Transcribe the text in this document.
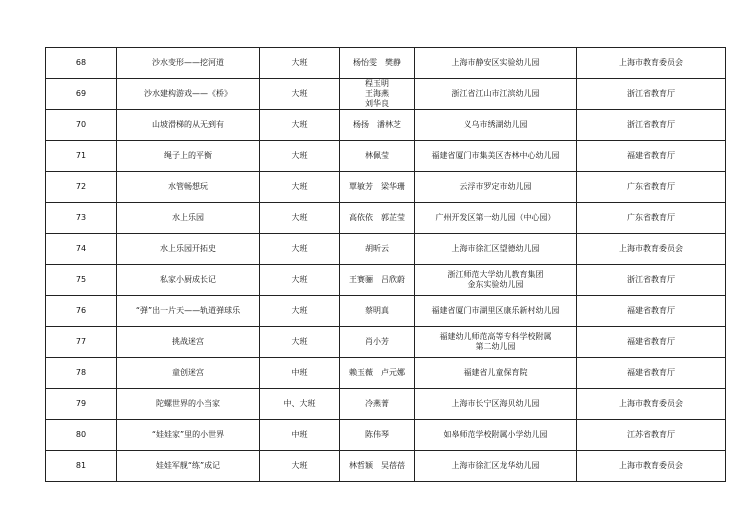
68	沙水变形——挖河道	大班	杨怡雯　樊静	上海市静安区实验幼儿园	上海市教育委员会
69	沙水建构游戏——《桥》	大班	程玉明
王海燕
刘华良	浙江省江山市江滨幼儿园	浙江省教育厅
70	山坡滑梯的从无到有	大班	杨扬　潘林芝	义乌市绣湖幼儿园	浙江省教育厅
71	绳子上的平衡	大班	林佩莹	福建省厦门市集美区杏林中心幼儿园	福建省教育厅
72	水管畅想玩	大班	覃敏芳　梁华珊	云浮市罗定市幼儿园	广东省教育厅
73	水上乐园	大班	高依依　郭芷莹	广州开发区第一幼儿园（中心园）	广东省教育厅
74	水上乐园开拓史	大班	胡昕云	上海市徐汇区望德幼儿园	上海市教育委员会
75	私家小厨成长记	大班	王赛骊　吕欣蔚	浙江师范大学幼儿教育集团
金东实验幼儿园	浙江省教育厅
76	“弹”出一片天——轨道弹球乐	大班	蔡明真	福建省厦门市湖里区康乐新村幼儿园	福建省教育厅
77	挑战迷宫	大班	肖小芳	福建幼儿师范高等专科学校附属
第二幼儿园	福建省教育厅
78	童创迷宫	中班	赖玉薇　卢元娜	福建省儿童保育院	福建省教育厅
79	陀螺世界的小当家	中、大班	冷燕菁	上海市长宁区海贝幼儿园	上海市教育委员会
80	“娃娃家”里的小世界	中班	陈伟琴	如皋师范学校附属小学幼儿园	江苏省教育厅
81	娃娃军舰“练”成记	大班	林哲颖　吴蓓蓓	上海市徐汇区龙华幼儿园	上海市教育委员会
